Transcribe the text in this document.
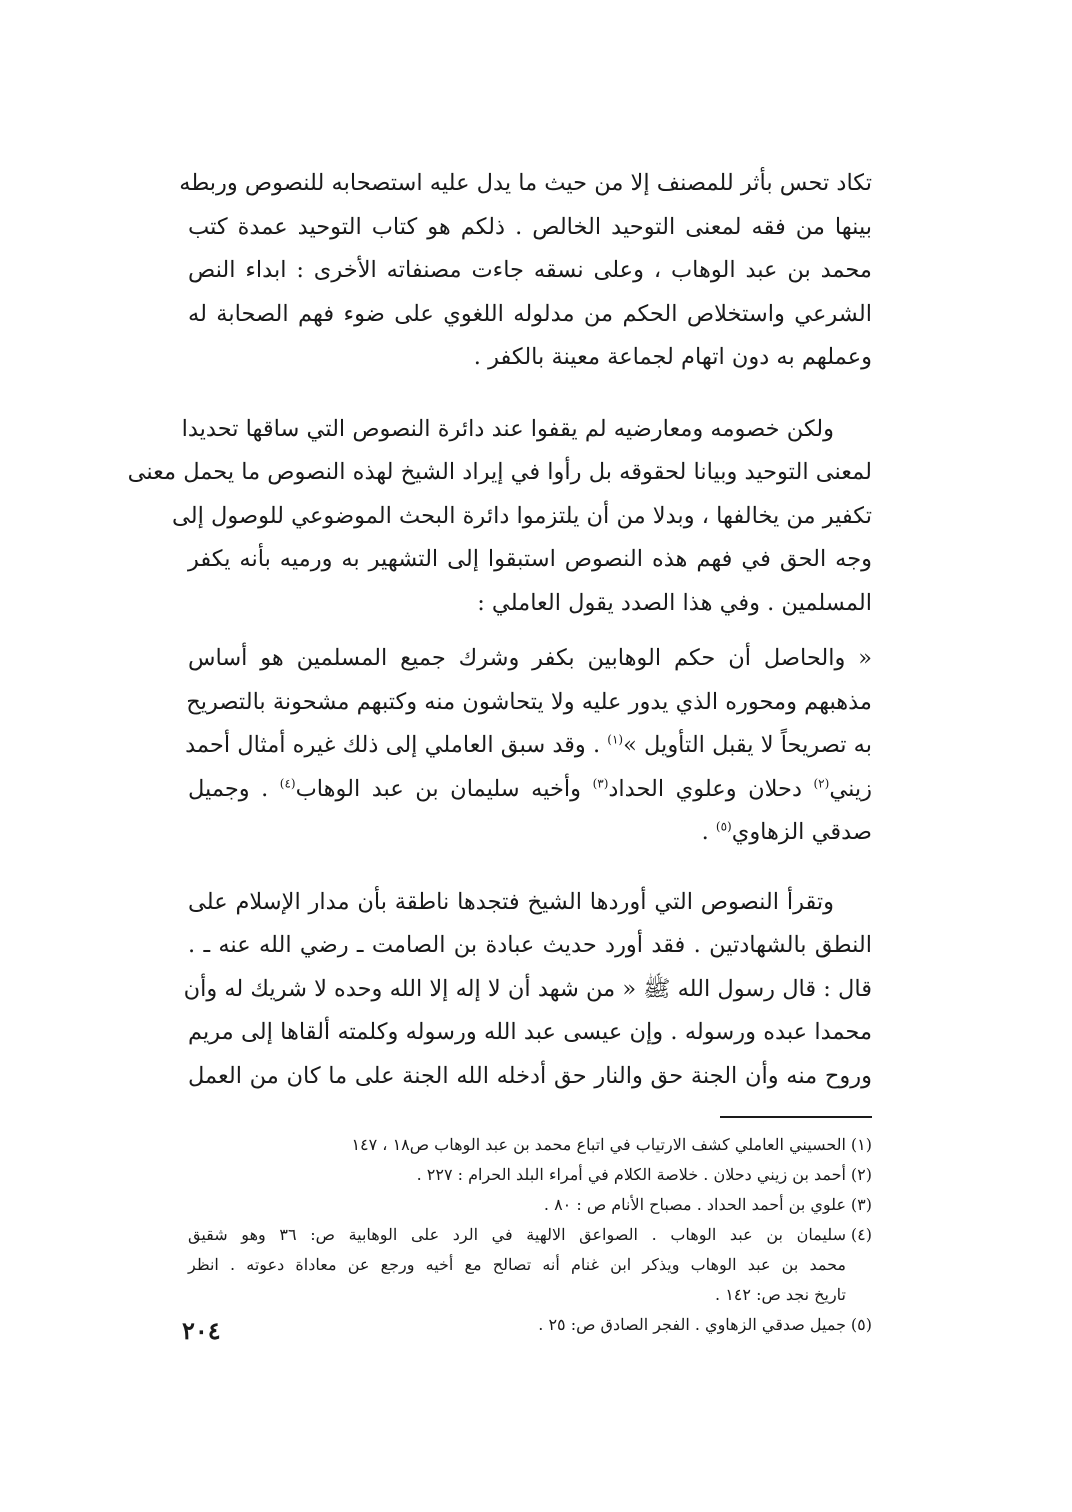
تكاد تحس بأثر للمصنف إلا من حيث ما يدل عليه استصحابه للنصوص وربطه
بينها من فقه لمعنى التوحيد الخالص . ذلكم هو كتاب التوحيد عمدة كتب
محمد بن عبد الوهاب ، وعلى نسقه جاءت مصنفاته الأخرى : ابداء النص
الشرعي واستخلاص الحكم من مدلوله اللغوي على ضوء فهم الصحابة له
وعملهم به دون اتهام لجماعة معينة بالكفر .
ولكن خصومه ومعارضيه لم يقفوا عند دائرة النصوص التي ساقها تحديدا
لمعنى التوحيد وبيانا لحقوقه بل رأوا في إيراد الشيخ لهذه النصوص ما يحمل معنى
تكفير من يخالفها ، وبدلا من أن يلتزموا دائرة البحث الموضوعي للوصول إلى
وجه الحق في فهم هذه النصوص استبقوا إلى التشهير به ورميه بأنه يكفر
المسلمين . وفي هذا الصدد يقول العاملي :
« والحاصل أن حكم الوهابين بكفر وشرك جميع المسلمين هو أساس
مذهبهم ومحوره الذي يدور عليه ولا يتحاشون منه وكتبهم مشحونة بالتصريح
به تصريحاً لا يقبل التأويل »$^{(١)}$ . وقد سبق العاملي إلى ذلك غيره أمثال أحمد
زيني$^{(٢)}$ دحلان وعلوي الحداد$^{(٣)}$ وأخيه سليمان بن عبد الوهاب$^{(٤)}$ . وجميل
صدقي الزهاوي$^{(٥)}$ .
وتقرأ النصوص التي أوردها الشيخ فتجدها ناطقة بأن مدار الإسلام على
النطق بالشهادتين . فقد أورد حديث عبادة بن الصامت ـ رضي الله عنه ـ .
قال : قال رسول الله ﷺ « من شهد أن لا إله إلا الله وحده لا شريك له وأن
محمدا عبده ورسوله . وإن عيسى عبد الله ورسوله وكلمته ألقاها إلى مريم
وروح منه وأن الجنة حق والنار حق أدخله الله الجنة على ما كان من العمل
(١)
الحسيني العاملي كشف الارتياب في اتباع محمد بن عبد الوهاب ص١٨ ، ١٤٧
(٢)
أحمد بن زيني دحلان . خلاصة الكلام في أمراء البلد الحرام : ٢٢٧ .
(٣)
علوي بن أحمد الحداد . مصباح الأنام ص : ٨٠ .
(٤)
سليمان بن عبد الوهاب . الصواعق الالهية في الرد على الوهابية ص: ٣٦ وهو شقيق
محمد بن عبد الوهاب ويذكر ابن غنام أنه تصالح مع أخيه ورجع عن معاداة دعوته . انظر
تاريخ نجد ص: ١٤٢ .
(٥)
جميل صدقي الزهاوي . الفجر الصادق ص: ٢٥ .
٢٠٤
